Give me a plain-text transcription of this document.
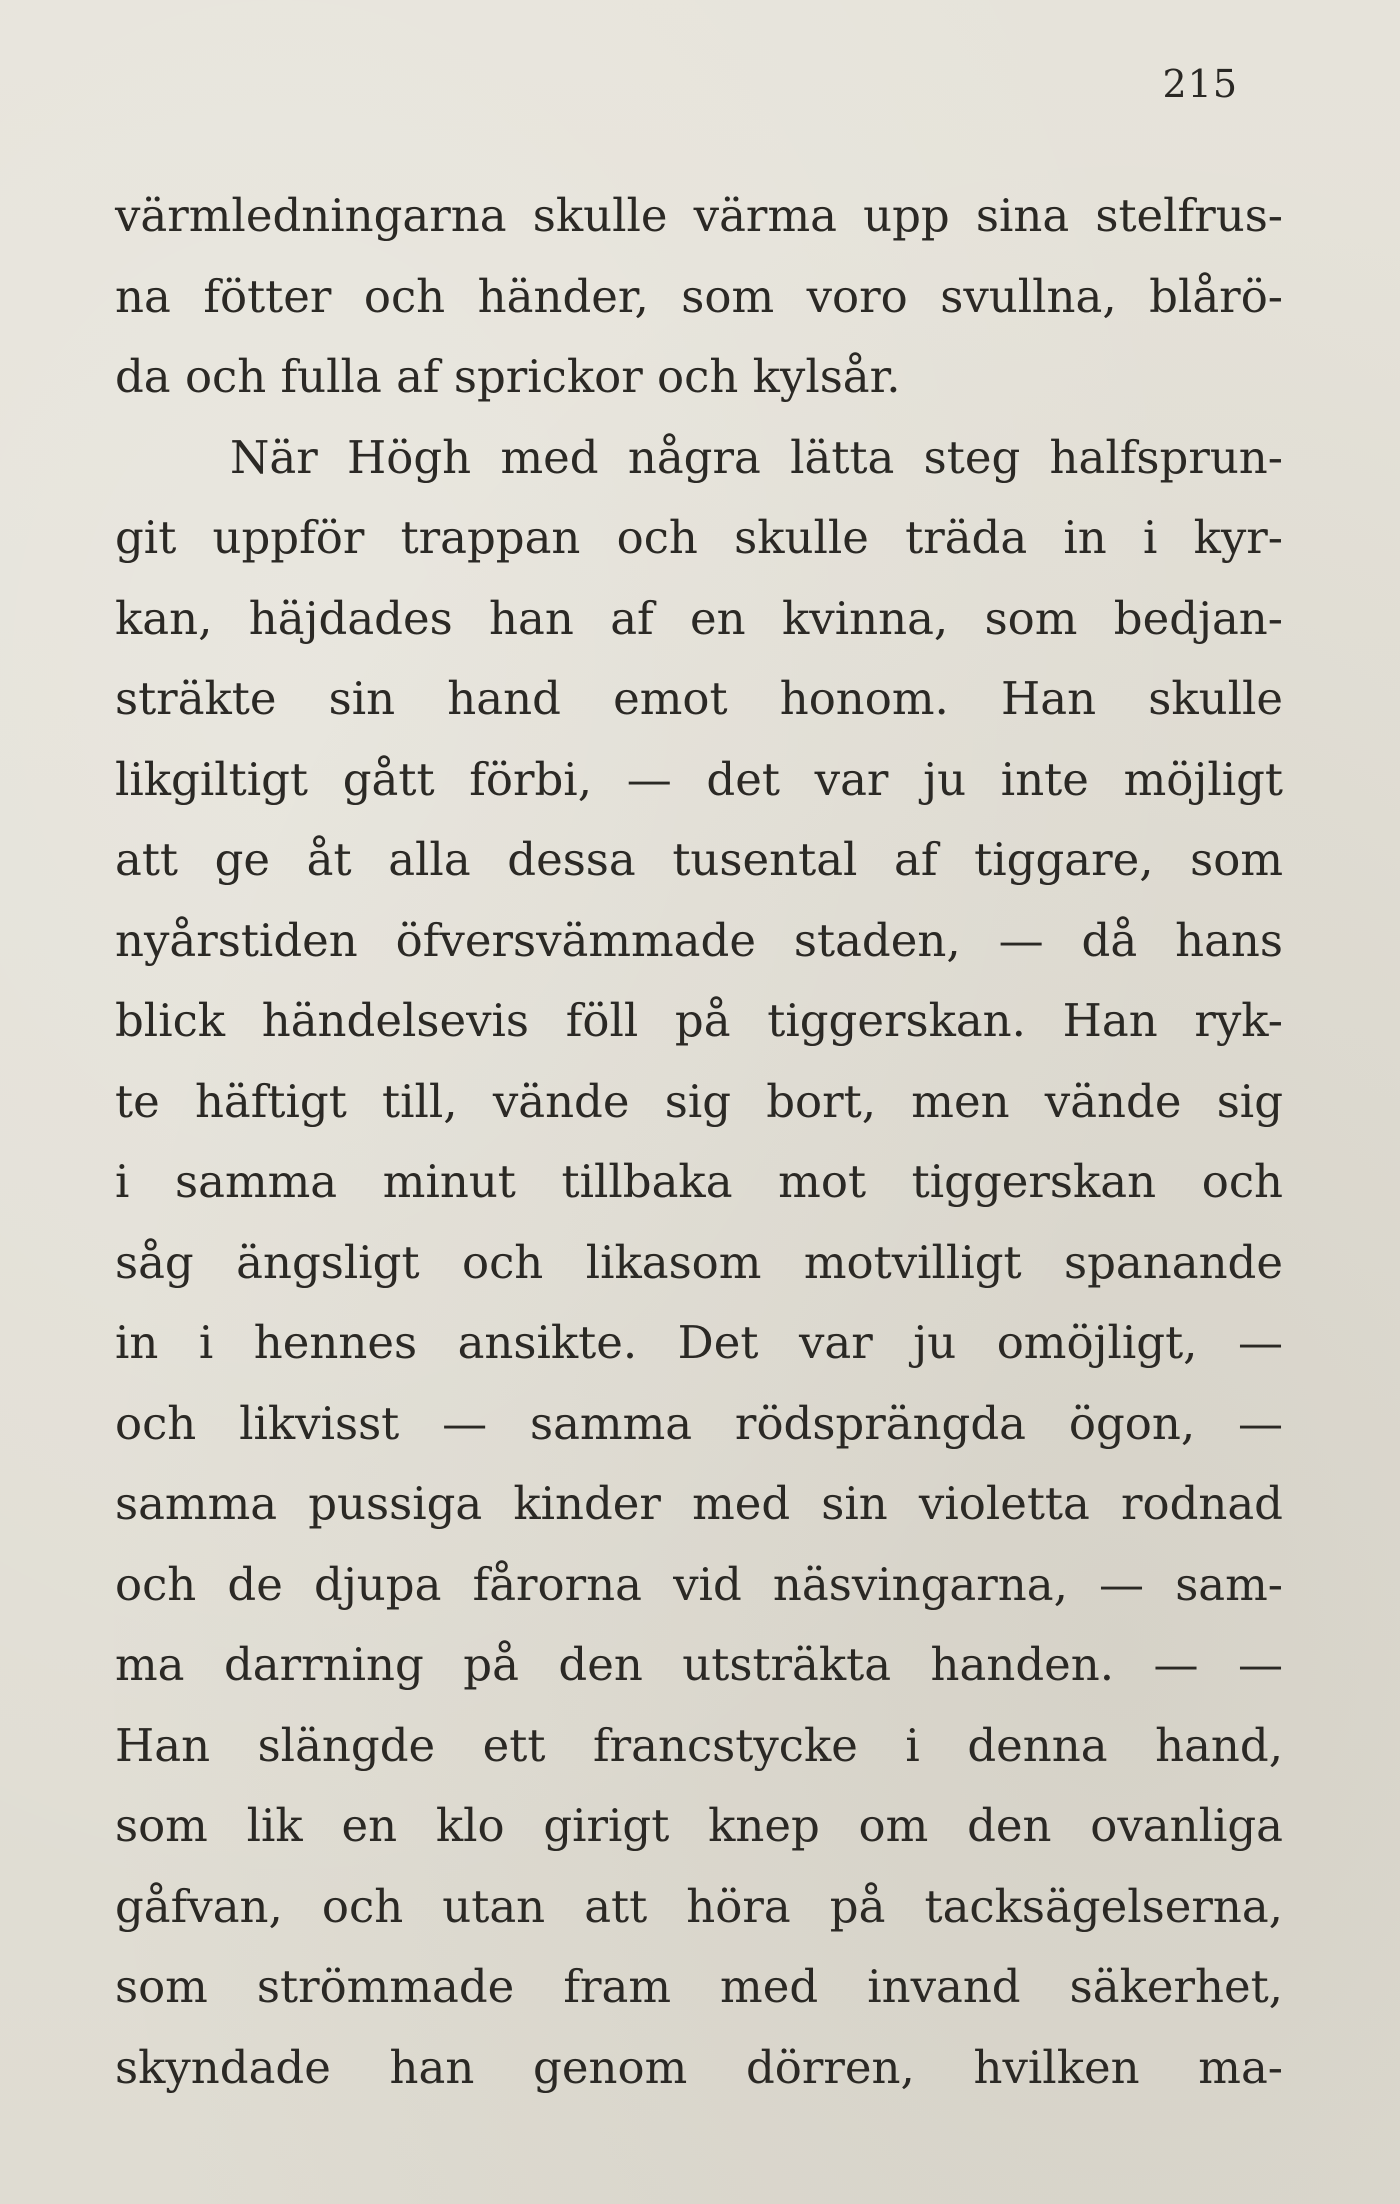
215
värmledningarna skulle värma upp sina stelfrus-
na fötter och händer, som voro svullna, blårö-
da och fulla af sprickor och kylsår.
När Högh med några lätta steg halfsprun-
git uppför trappan och skulle träda in i kyr-
kan, häjdades han af en kvinna, som bedjan-
sträkte sin hand emot honom. Han skulle
likgiltigt gått förbi, — det var ju inte möjligt
att ge åt alla dessa tusental af tiggare, som
nyårstiden öfversvämmade staden, — då hans
blick händelsevis föll på tiggerskan. Han ryk-
te häftigt till, vände sig bort, men vände sig
i samma minut tillbaka mot tiggerskan och
såg ängsligt och likasom motvilligt spanande
in i hennes ansikte. Det var ju omöjligt, —
och likvisst — samma rödsprängda ögon, —
samma pussiga kinder med sin violetta rodnad
och de djupa fårorna vid näsvingarna, — sam-
ma darrning på den utsträkta handen. — —
Han slängde ett francstycke i denna hand,
som lik en klo girigt knep om den ovanliga
gåfvan, och utan att höra på tacksägelserna,
som strömmade fram med invand säkerhet,
skyndade han genom dörren, hvilken ma-
